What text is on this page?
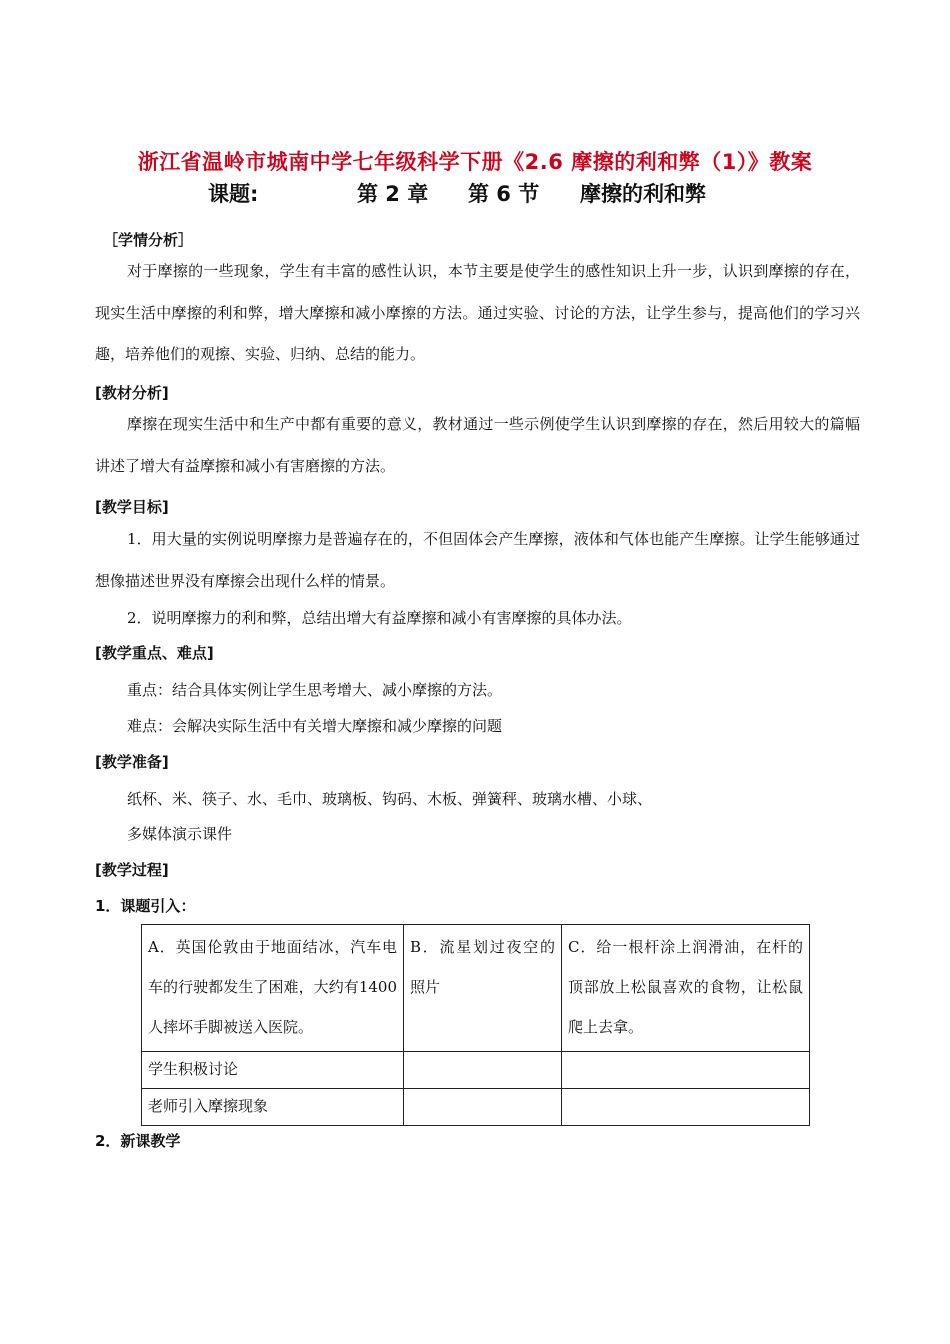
浙江省温岭市城南中学七年级科学下册《2.6 摩擦的利和弊（1）》教案
课题:	第 2 章 第 6 节 摩擦的利和弊
［学情分析］

对于摩擦的一些现象，学生有丰富的感性认识，本节主要是使学生的感性知识上升一步，认识到摩擦的存在，现实生活中摩擦的利和弊，增大摩擦和减小摩擦的方法。通过实验、讨论的方法，让学生参与，提高他们的学习兴趣，培养他们的观擦、实验、归纳、总结的能力。

[教材分析]

摩擦在现实生活中和生产中都有重要的意义，教材通过一些示例使学生认识到摩擦的存在，然后用较大的篇幅讲述了增大有益摩擦和减小有害磨擦的方法。

[教学目标]

1．用大量的实例说明摩擦力是普遍存在的，不但固体会产生摩擦，液体和气体也能产生摩擦。让学生能够通过想像描述世界没有摩擦会出现什么样的情景。

2．说明摩擦力的利和弊，总结出增大有益摩擦和减小有害摩擦的具体办法。

[教学重点、难点]

重点：结合具体实例让学生思考增大、减小摩擦的方法。

难点：会解决实际生活中有关增大摩擦和减少摩擦的问题

[教学准备]

纸杯、米、筷子、水、毛巾、玻璃板、钩码、木板、弹簧秤、玻璃水槽、小球、

多媒体演示课件

[教学过程]
1．课题引入：
A．英国伦敦由于地面结冰，汽车电车的行驶都发生了困难，大约有1400人摔坏手脚被送入医院。	B．流星划过夜空的照片	C．给一根杆涂上润滑油，在杆的顶部放上松鼠喜欢的食物，让松鼠爬上去拿。
学生积极讨论		
老师引入摩擦现象		
2．新课教学
